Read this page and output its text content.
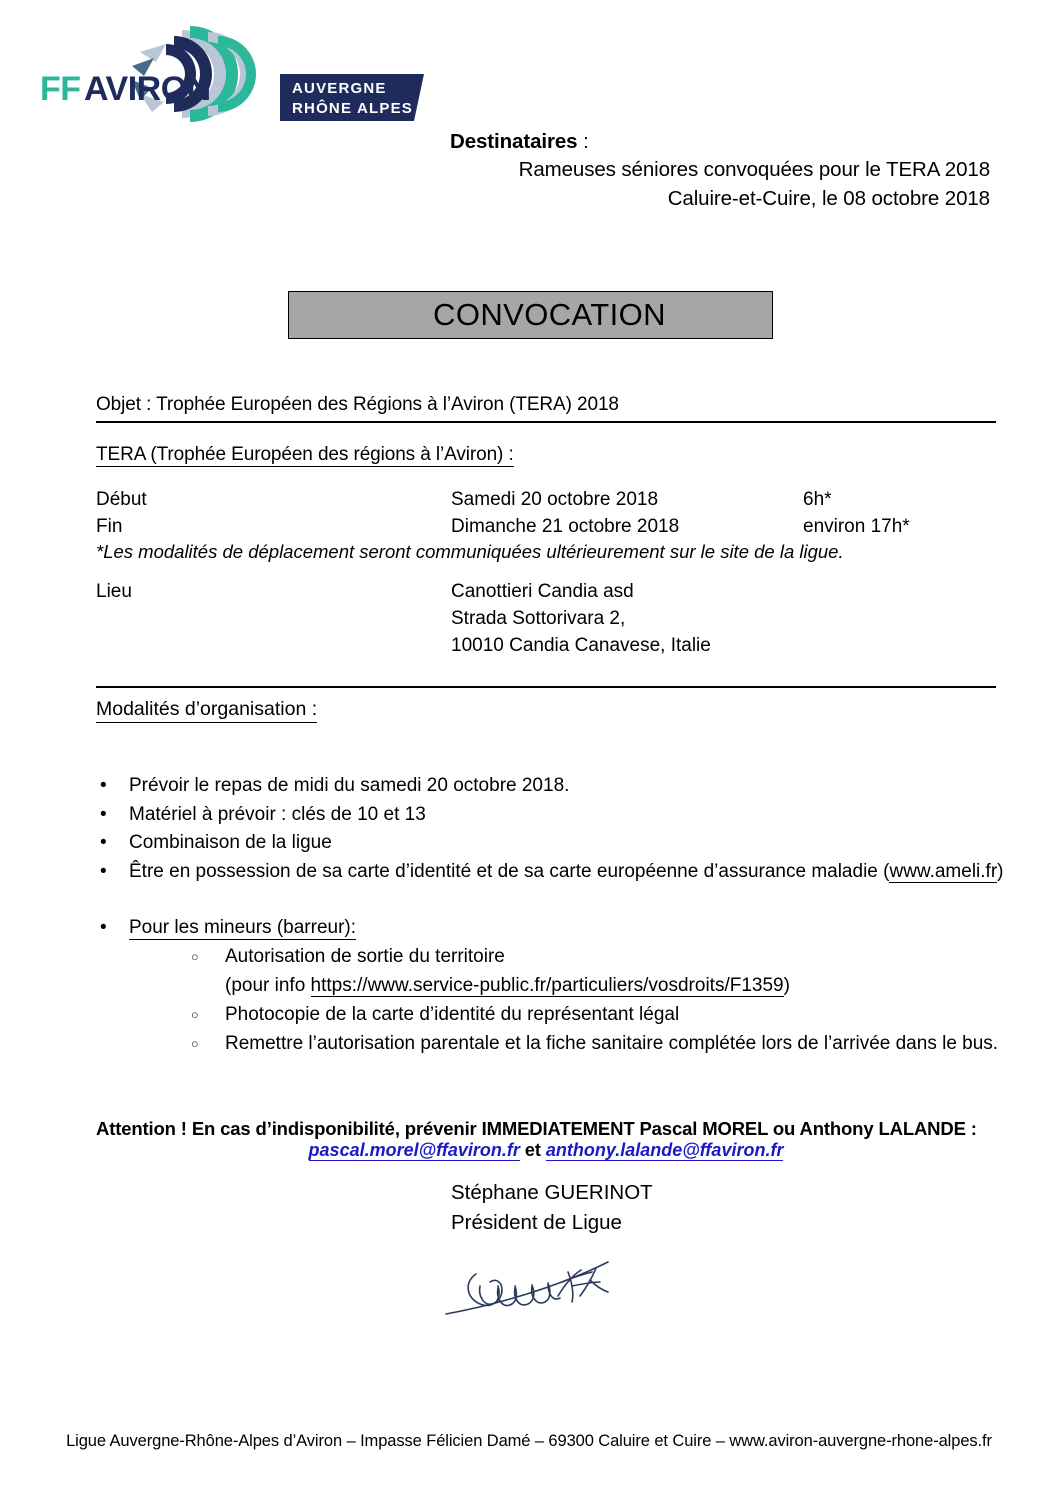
FF AVIRON	AUVERGNE
RHÔNE ALPES
Destinataires :
Rameuses séniores convoquées pour le TERA 2018
Caluire-et-Cuire, le 08 octobre 2018
CONVOCATION
Objet : Trophée Européen des Régions à l’Aviron (TERA) 2018
TERA (Trophée Européen des régions à l’Aviron) :
Début	Samedi 20 octobre 2018	6h*
Fin	Dimanche 21 octobre 2018	environ 17h*
*Les modalités de déplacement seront communiquées ultérieurement sur le site de la ligue.
Lieu	Canottieri Candia asd
Strada Sottorivara 2,
10010 Candia Canavese, Italie
Modalités d’organisation :
• Prévoir le repas de midi du samedi 20 octobre 2018.
• Matériel à prévoir : clés de 10 et 13
• Combinaison de la ligue
• Être en possession de sa carte d’identité et de sa carte européenne d’assurance maladie (www.ameli.fr)
• Pour les mineurs (barreur):
○ Autorisation de sortie du territoire
(pour info https://www.service-public.fr/particuliers/vosdroits/F1359)
○ Photocopie de la carte d’identité du représentant légal
○ Remettre l’autorisation parentale et la fiche sanitaire complétée lors de l’arrivée dans le bus.
Attention ! En cas d’indisponibilité, prévenir IMMEDIATEMENT Pascal MOREL ou Anthony LALANDE :
pascal.morel@ffaviron.fr et anthony.lalande@ffaviron.fr
Stéphane GUERINOT
Président de Ligue
Ligue Auvergne-Rhône-Alpes d’Aviron – Impasse Félicien Damé – 69300 Caluire et Cuire – www.aviron-auvergne-rhone-alpes.fr
